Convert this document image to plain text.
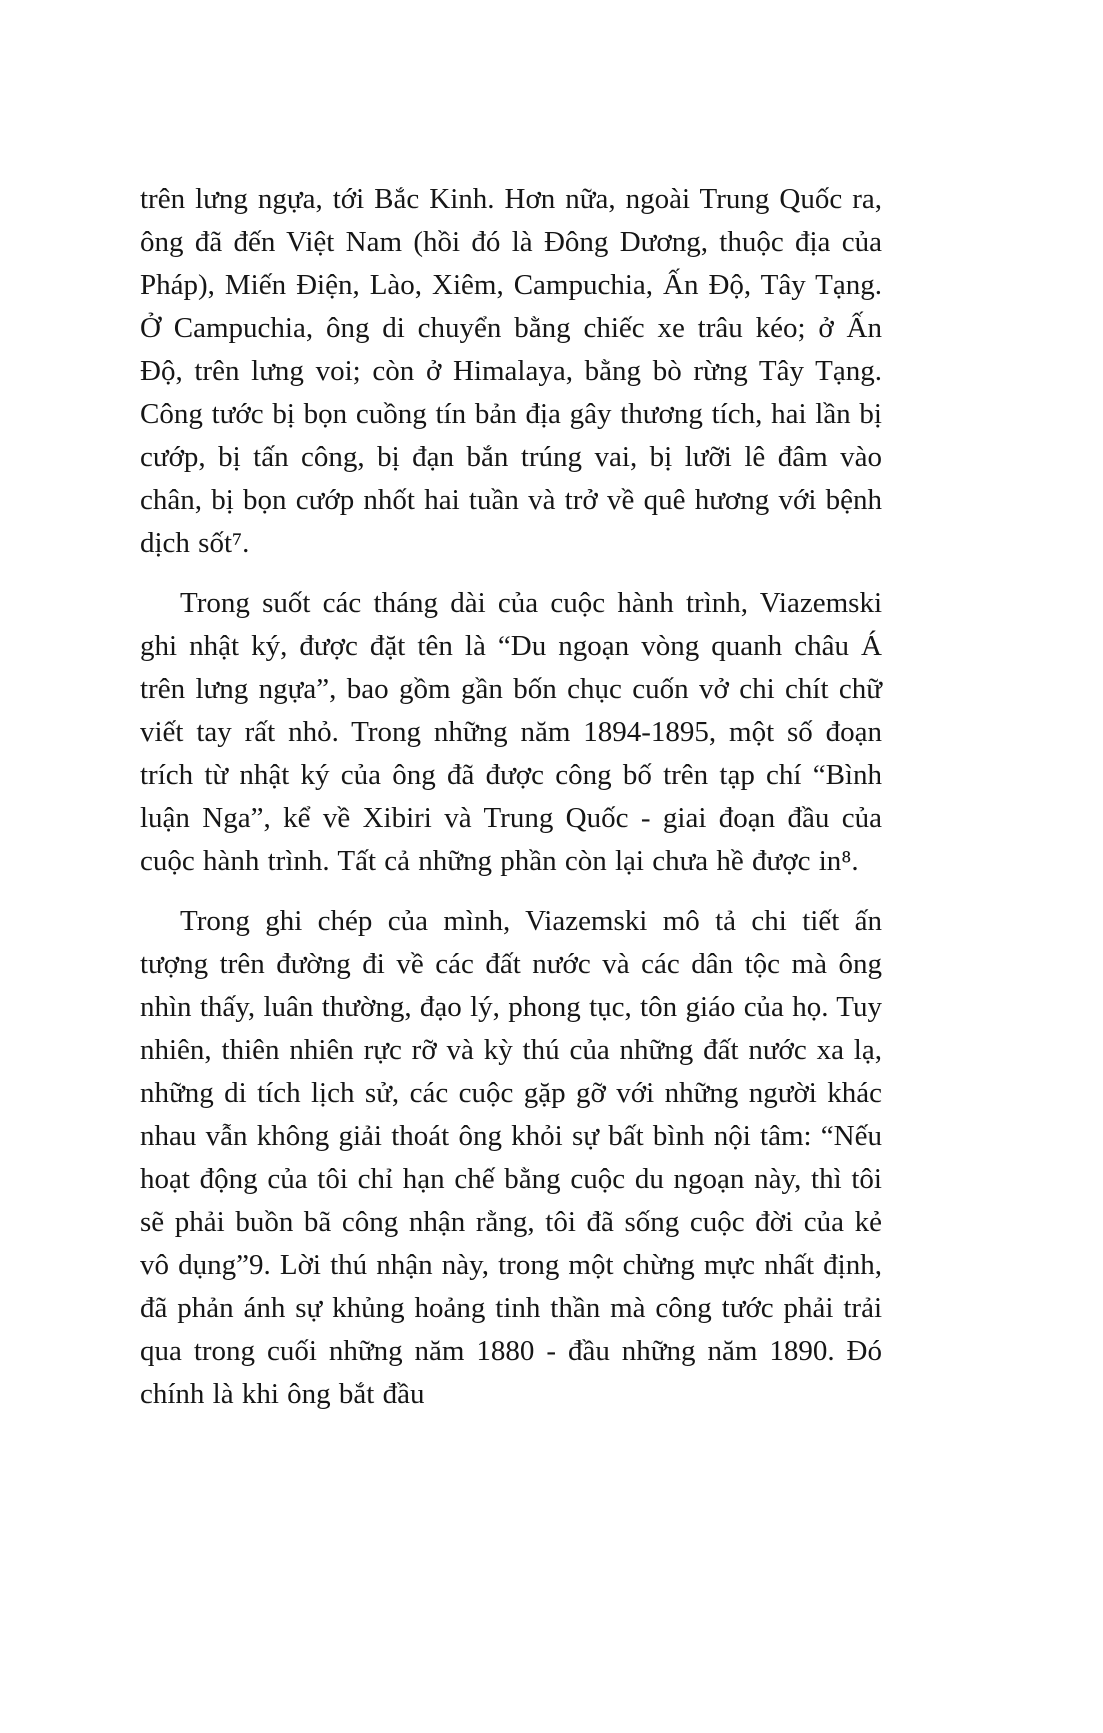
trên lưng ngựa, tới Bắc Kinh. Hơn nữa, ngoài Trung Quốc ra, ông đã đến Việt Nam (hồi đó là Đông Dương, thuộc địa của Pháp), Miến Điện, Lào, Xiêm, Campuchia, Ấn Độ, Tây Tạng. Ở Campuchia, ông di chuyển bằng chiếc xe trâu kéo; ở Ấn Độ, trên lưng voi; còn ở Himalaya, bằng bò rừng Tây Tạng. Công tước bị bọn cuồng tín bản địa gây thương tích, hai lần bị cướp, bị tấn công, bị đạn bắn trúng vai, bị lưỡi lê đâm vào chân, bị bọn cướp nhốt hai tuần và trở về quê hương với bệnh dịch sốt⁷.

Trong suốt các tháng dài của cuộc hành trình, Viazemski ghi nhật ký, được đặt tên là “Du ngoạn vòng quanh châu Á trên lưng ngựa”, bao gồm gần bốn chục cuốn vở chi chít chữ viết tay rất nhỏ. Trong những năm 1894-1895, một số đoạn trích từ nhật ký của ông đã được công bố trên tạp chí “Bình luận Nga”, kể về Xibiri và Trung Quốc - giai đoạn đầu của cuộc hành trình. Tất cả những phần còn lại chưa hề được in⁸.

Trong ghi chép của mình, Viazemski mô tả chi tiết ấn tượng trên đường đi về các đất nước và các dân tộc mà ông nhìn thấy, luân thường, đạo lý, phong tục, tôn giáo của họ. Tuy nhiên, thiên nhiên rực rỡ và kỳ thú của những đất nước xa lạ, những di tích lịch sử, các cuộc gặp gỡ với những người khác nhau vẫn không giải thoát ông khỏi sự bất bình nội tâm: “Nếu hoạt động của tôi chỉ hạn chế bằng cuộc du ngoạn này, thì tôi sẽ phải buồn bã công nhận rằng, tôi đã sống cuộc đời của kẻ vô dụng”9. Lời thú nhận này, trong một chừng mực nhất định, đã phản ánh sự khủng hoảng tinh thần mà công tước phải trải qua trong cuối những năm 1880 - đầu những năm 1890. Đó chính là khi ông bắt đầu
